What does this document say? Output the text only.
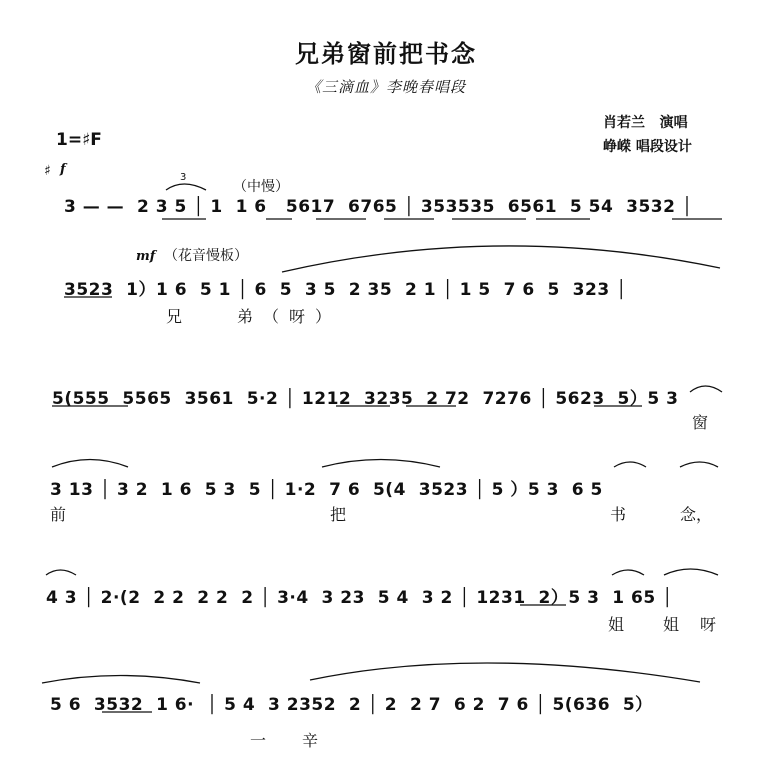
兄弟窗前把书念
《三滴血》李晚春唱段
肖若兰   演唱
峥嵘 唱段设计
1=♯F
♯ f
（中慢）
3
3 — —  2 3 5 │ 1  1 6   5617  6765 │ 353535  6561  5 54  3532 │
mf （花音慢板）
3523  1）1 6  5 1 │ 6  5  3 5  2 35  2 1 │ 1 5  7 6  5  323 │
兄	弟（呀）
5(555  5565  3561  5·2 │ 1212  3235  2 72  7276 │ 5623  5）5 3
窗
3 13 │ 3 2  1 6  5 3  5 │ 1·2  7 6  5(4  3523 │ 5 ）5 3  6 5
前	把	书	念，
4 3 │ 2·(2  2 2  2 2  2 │ 3·4  3 23  5 4  3 2 │ 1231  2）5 3  1 65 │
姐 姐 呀
5 6  3532  1 6·  │ 5 4  3 2352  2 │ 2  2 7  6 2  7 6 │ 5(636  5）
一 辛
